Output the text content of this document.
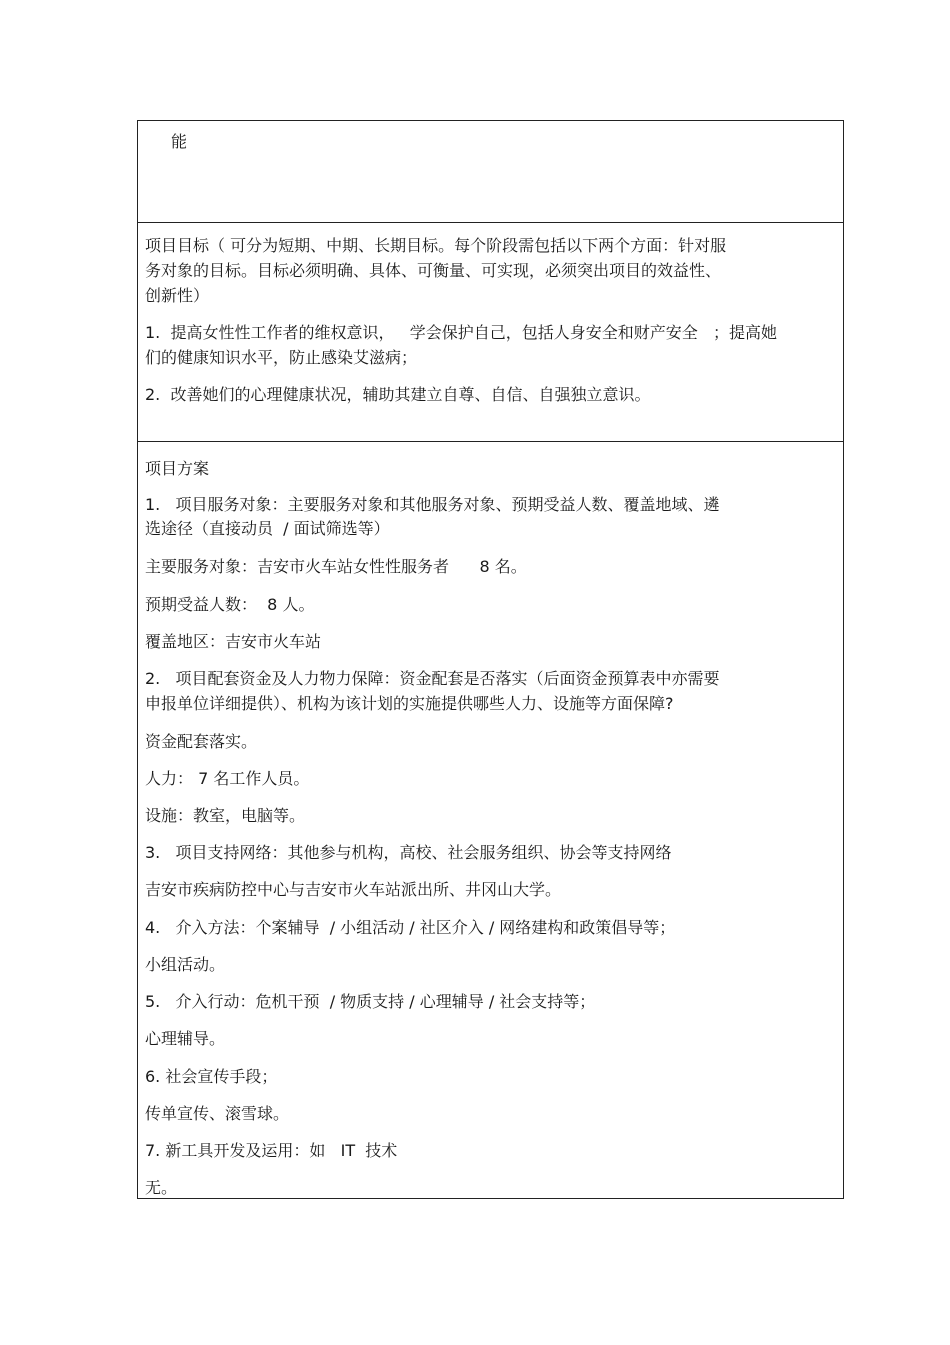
能
项目目标（ 可分为短期、中期、长期目标。每个阶段需包括以下两个方面：针对服
务对象的目标。目标必须明确、具体、可衡量、可实现，必须突出项目的效益性、
创新性）
1.  提高女性性工作者的维权意识，   学会保护自己，包括人身安全和财产安全   ；提高她
们的健康知识水平，防止感染艾滋病；
2.  改善她们的心理健康状况，辅助其建立自尊、自信、自强独立意识。
项目方案
1.   项目服务对象：主要服务对象和其他服务对象、预期受益人数、覆盖地域、遴
选途径（直接动员  / 面试筛选等）
主要服务对象：吉安市火车站女性性服务者      8 名。
预期受益人数：  8 人。
覆盖地区：吉安市火车站
2.   项目配套资金及人力物力保障：资金配套是否落实（后面资金预算表中亦需要
申报单位详细提供）、机构为该计划的实施提供哪些人力、设施等方面保障?
资金配套落实。
人力： 7 名工作人员。
设施：教室，电脑等。
3.   项目支持网络：其他参与机构，高校、社会服务组织、协会等支持网络
吉安市疾病防控中心与吉安市火车站派出所、井冈山大学。
4.   介入方法：个案辅导  / 小组活动 / 社区介入 / 网络建构和政策倡导等；
小组活动。
5.   介入行动：危机干预  / 物质支持 / 心理辅导 / 社会支持等；
心理辅导。
6. 社会宣传手段；
传单宣传、滚雪球。
7. 新工具开发及运用：如   IT  技术
无。
